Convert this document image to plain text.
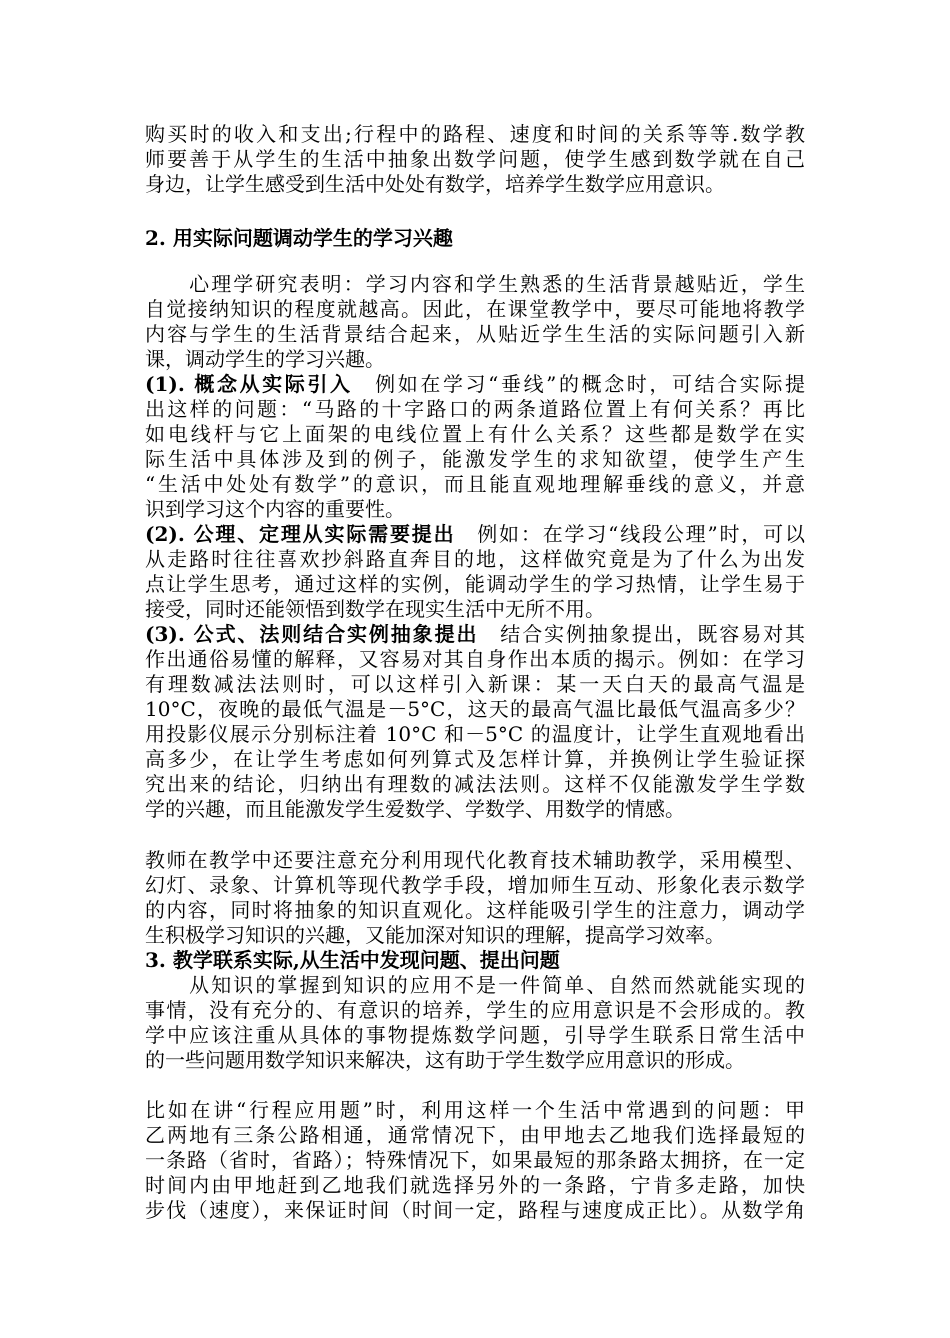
购买时的收入和支出;行程中的路程、速度和时间的关系等等.数学教
师要善于从学生的生活中抽象出数学问题，使学生感到数学就在自己
身边，让学生感受到生活中处处有数学，培养学生数学应用意识。
2. 用实际问题调动学生的学习兴趣
　　心理学研究表明：学习内容和学生熟悉的生活背景越贴近，学生
自觉接纳知识的程度就越高。因此，在课堂教学中，要尽可能地将教学
内容与学生的生活背景结合起来，从贴近学生生活的实际问题引入新
课，调动学生的学习兴趣。
(1). 概念从实际引入　例如在学习“垂线”的概念时，可结合实际提
出这样的问题：“马路的十字路口的两条道路位置上有何关系？再比
如电线杆与它上面架的电线位置上有什么关系？这些都是数学在实
际生活中具体涉及到的例子，能激发学生的求知欲望，使学生产生
“生活中处处有数学”的意识，而且能直观地理解垂线的意义，并意
识到学习这个内容的重要性。
(2). 公理、定理从实际需要提出　例如：在学习“线段公理”时，可以
从走路时往往喜欢抄斜路直奔目的地，这样做究竟是为了什么为出发
点让学生思考，通过这样的实例，能调动学生的学习热情，让学生易于
接受，同时还能领悟到数学在现实生活中无所不用。
(3). 公式、法则结合实例抽象提出　结合实例抽象提出，既容易对其
作出通俗易懂的解释，又容易对其自身作出本质的揭示。例如：在学习
有理数减法法则时，可以这样引入新课：某一天白天的最高气温是
10°C，夜晚的最低气温是－5°C，这天的最高气温比最低气温高多少？
用投影仪展示分别标注着 10°C 和－5°C 的温度计，让学生直观地看出
高多少，在让学生考虑如何列算式及怎样计算，并换例让学生验证探
究出来的结论，归纳出有理数的减法法则。这样不仅能激发学生学数
学的兴趣，而且能激发学生爱数学、学数学、用数学的情感。
教师在教学中还要注意充分利用现代化教育技术辅助教学，采用模型、
幻灯、录象、计算机等现代教学手段，增加师生互动、形象化表示数学
的内容，同时将抽象的知识直观化。这样能吸引学生的注意力，调动学
生积极学习知识的兴趣，又能加深对知识的理解，提高学习效率。
3. 教学联系实际,从生活中发现问题、提出问题
　　从知识的掌握到知识的应用不是一件简单、自然而然就能实现的
事情，没有充分的、有意识的培养，学生的应用意识是不会形成的。教
学中应该注重从具体的事物提炼数学问题，引导学生联系日常生活中
的一些问题用数学知识来解决，这有助于学生数学应用意识的形成。
比如在讲“行程应用题”时，利用这样一个生活中常遇到的问题：甲
乙两地有三条公路相通，通常情况下，由甲地去乙地我们选择最短的
一条路（省时，省路）；特殊情况下，如果最短的那条路太拥挤，在一定
时间内由甲地赶到乙地我们就选择另外的一条路，宁肯多走路，加快
步伐（速度），来保证时间（时间一定，路程与速度成正比）。从数学角
